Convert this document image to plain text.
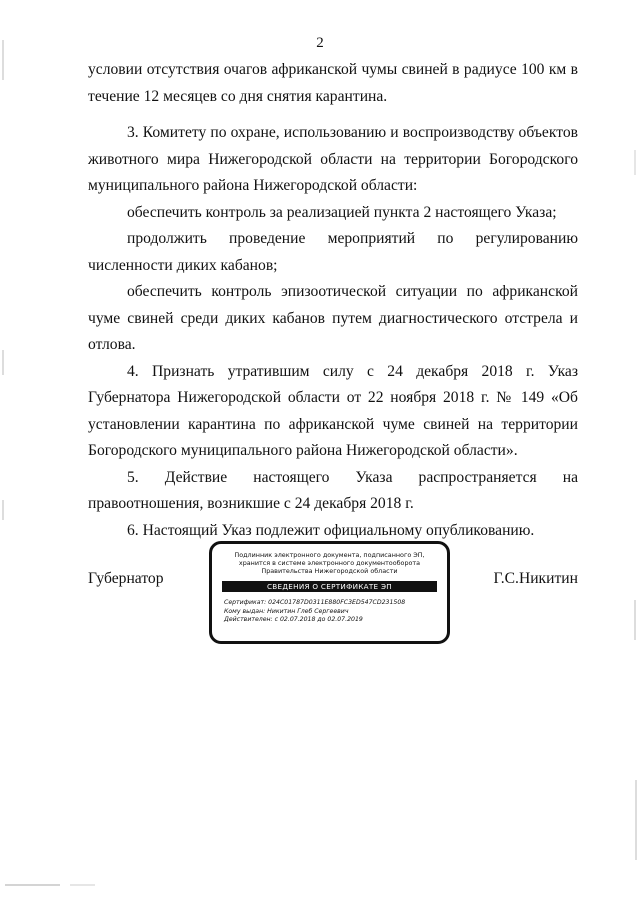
2

условии отсутствия очагов африканской чумы свиней в радиусе 100 км в течение 12 месяцев со дня снятия карантина.

3. Комитету по охране, использованию и воспроизводству объектов животного мира Нижегородской области на территории Богородского муниципального района Нижегородской области:

обеспечить контроль за реализацией пункта 2 настоящего Указа;

продолжить проведение мероприятий по регулированию

численности диких кабанов;

обеспечить контроль эпизоотической ситуации по африканской чуме свиней среди диких кабанов путем диагностического отстрела и отлова.

4. Признать утратившим силу с 24 декабря 2018 г. Указ Губернатора Нижегородской области от 22 ноября 2018 г. № 149 «Об установлении карантина по африканской чуме свиней на территории Богородского муниципального района Нижегородской области».

5. Действие настоящего Указа распространяется на правоотношения, возникшие с 24 декабря 2018 г.

6. Настоящий Указ подлежит официальному опубликованию.

Губернатор	Г.С.Никитин
Подлинник электронного документа, подписанного ЭП, хранится в системе электронного документооборота Правительства Нижегородской области
СВЕДЕНИЯ О СЕРТИФИКАТЕ ЭП
Сертификат: 024C01787D0311E880FC3ED547CD231508
Кому выдан: Никитин Глеб Сергеевич
Действителен: с 02.07.2018 до 02.07.2019
